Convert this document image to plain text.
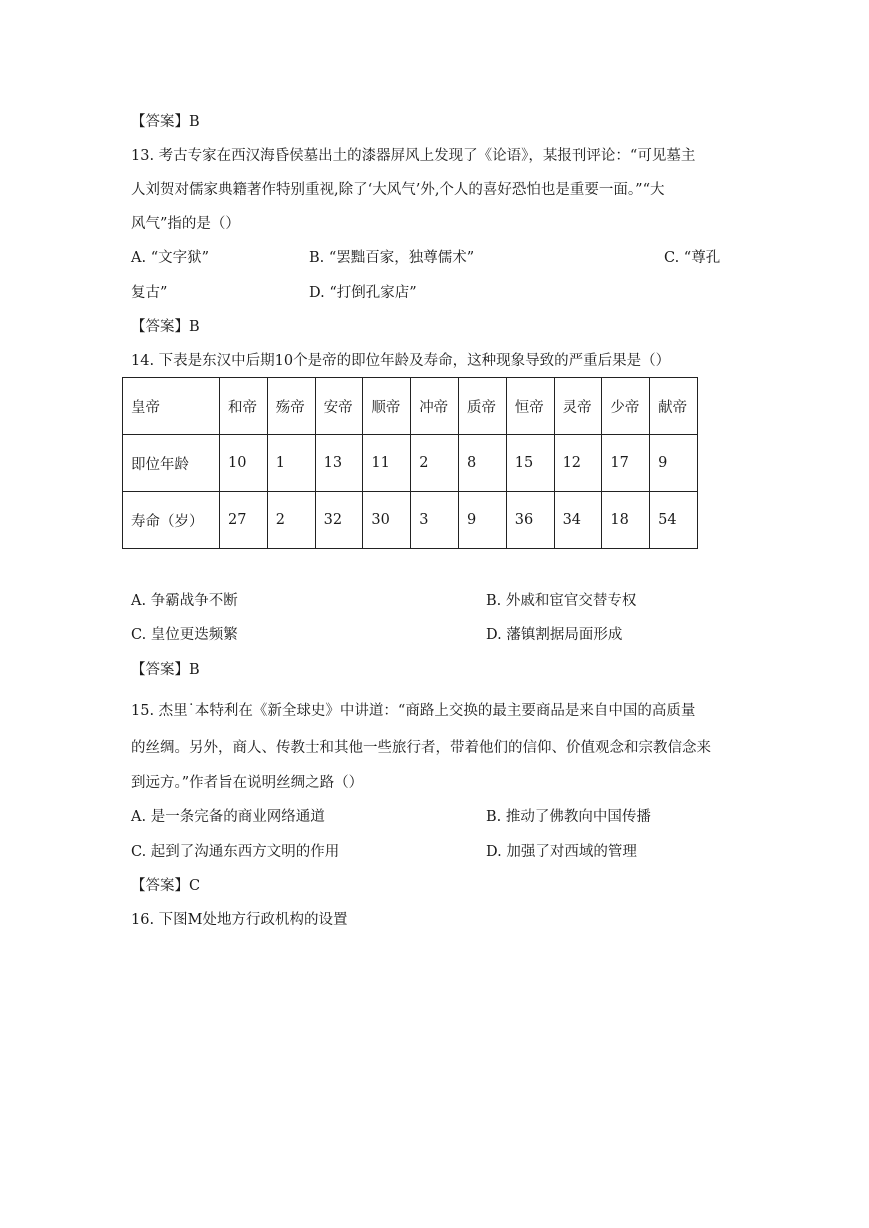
【答案】B
13. 考古专家在西汉海昏侯墓出土的漆器屏风上发现了《论语》，某报刊评论：“可见墓主
人刘贺对儒家典籍著作特别重视,除了‘大风气’外,个人的喜好恐怕也是重要一面。”“大
风气”指的是（）
A. “文字狱”	B. “罢黜百家，独尊儒术”	C. “尊孔
复古”	D. “打倒孔家店”
【答案】B
14. 下表是东汉中后期10个是帝的即位年龄及寿命，这种现象导致的严重后果是（）
皇帝	和帝	殇帝	安帝	顺帝	冲帝	质帝	恒帝	灵帝	少帝	献帝
即位年龄	10	1	13	11	2	8	15	12	17	9
寿命（岁）	27	2	32	30	3	9	36	34	18	54
A. 争霸战争不断	B. 外戚和宦官交替专权
C. 皇位更迭频繁	D. 藩镇割据局面形成
【答案】B
15. 杰里˙本特利在《新全球史》中讲道：“商路上交换的最主要商品是来自中国的高质量
的丝绸。另外，商人、传教士和其他一些旅行者，带着他们的信仰、价值观念和宗教信念来
到远方。”作者旨在说明丝绸之路（）
A. 是一条完备的商业网络通道	B. 推动了佛教向中国传播
C. 起到了沟通东西方文明的作用	D. 加强了对西域的管理
【答案】C
16. 下图M处地方行政机构的设置
